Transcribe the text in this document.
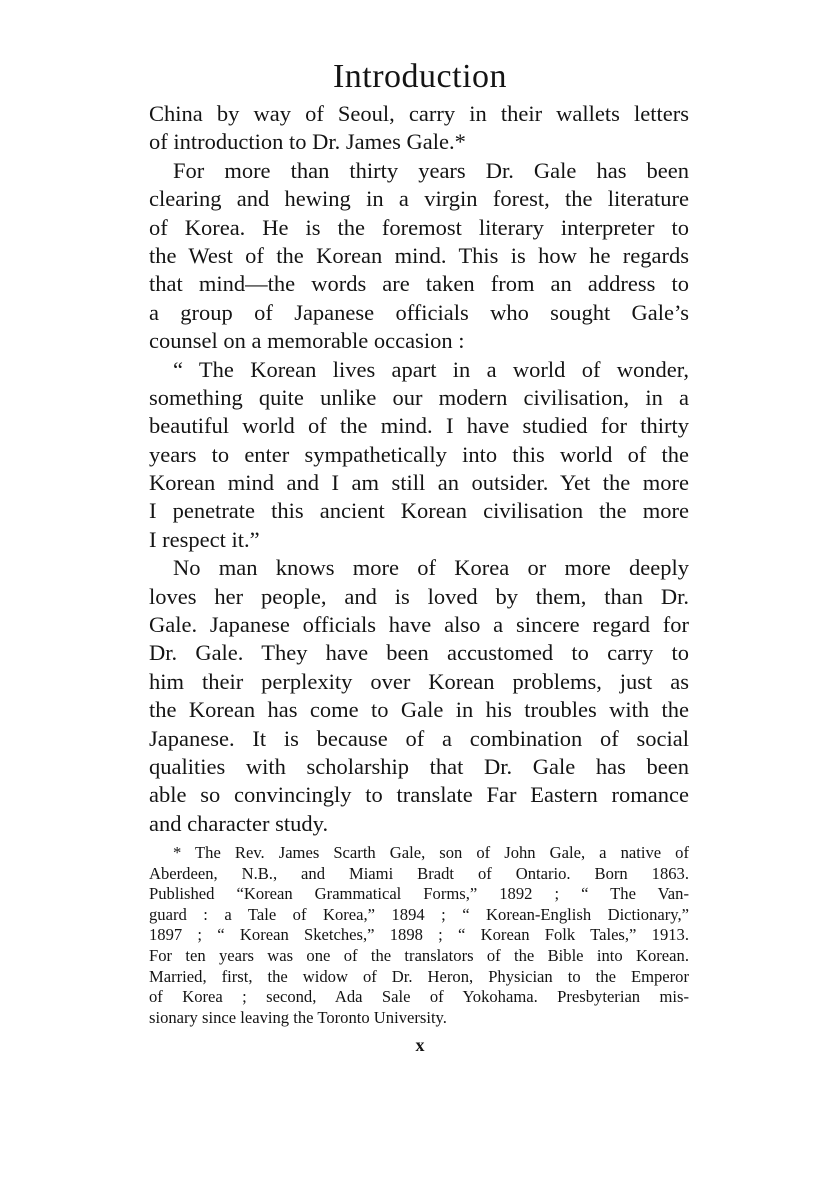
Introduction
China by way of Seoul, carry in their wallets letters
of introduction to Dr. James Gale.*
For more than thirty years Dr. Gale has been
clearing and hewing in a virgin forest, the literature
of Korea. He is the foremost literary interpreter to
the West of the Korean mind. This is how he regards
that mind—the words are taken from an address to
a group of Japanese officials who sought Gale’s
counsel on a memorable occasion :
“ The Korean lives apart in a world of wonder,
something quite unlike our modern civilisation, in a
beautiful world of the mind. I have studied for thirty
years to enter sympathetically into this world of the
Korean mind and I am still an outsider. Yet the more
I penetrate this ancient Korean civilisation the more
I respect it.”
No man knows more of Korea or more deeply
loves her people, and is loved by them, than Dr.
Gale. Japanese officials have also a sincere regard for
Dr. Gale. They have been accustomed to carry to
him their perplexity over Korean problems, just as
the Korean has come to Gale in his troubles with the
Japanese. It is because of a combination of social
qualities with scholarship that Dr. Gale has been
able so convincingly to translate Far Eastern romance
and character study.
* The Rev. James Scarth Gale, son of John Gale, a native of
Aberdeen, N.B., and Miami Bradt of Ontario. Born 1863.
Published “Korean Grammatical Forms,” 1892 ; “ The Van-
guard : a Tale of Korea,” 1894 ; “ Korean-English Dictionary,”
1897 ; “ Korean Sketches,” 1898 ; “ Korean Folk Tales,” 1913.
For ten years was one of the translators of the Bible into Korean.
Married, first, the widow of Dr. Heron, Physician to the Emperor
of Korea ; second, Ada Sale of Yokohama. Presbyterian mis-
sionary since leaving the Toronto University.
x
